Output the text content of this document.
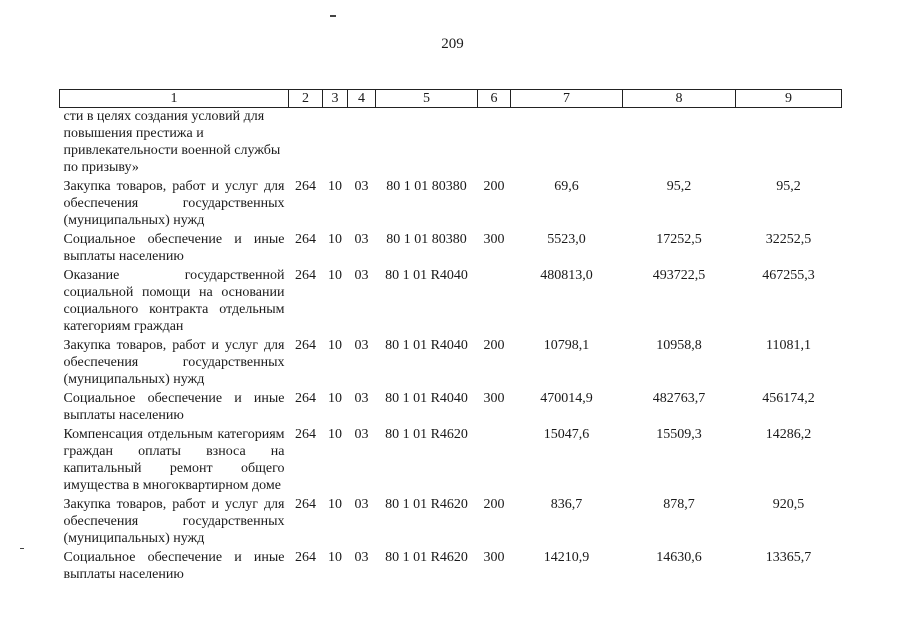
209
1	2	3	4	5	6	7	8	9
сти в целях создания условий для повышения престижа и привлекательности военной службы по призыву»								
Закупка товаров, работ и услуг для обеспечения государственных (муниципальных) нужд	264	10	03	80 1 01 80380	200	69,6	95,2	95,2
Социальное обеспечение и иные выплаты населению	264	10	03	80 1 01 80380	300	5523,0	17252,5	32252,5
Оказание государственной социальной помощи на основании социального контракта отдельным категориям граждан	264	10	03	80 1 01 R4040		480813,0	493722,5	467255,3
Закупка товаров, работ и услуг для обеспечения государственных (муниципальных) нужд	264	10	03	80 1 01 R4040	200	10798,1	10958,8	11081,1
Социальное обеспечение и иные выплаты населению	264	10	03	80 1 01 R4040	300	470014,9	482763,7	456174,2
Компенсация отдельным категориям граждан оплаты взноса на капитальный ремонт общего имущества в многоквартирном доме	264	10	03	80 1 01 R4620		15047,6	15509,3	14286,2
Закупка товаров, работ и услуг для обеспечения государственных (муниципальных) нужд	264	10	03	80 1 01 R4620	200	836,7	878,7	920,5
Социальное обеспечение и иные выплаты населению	264	10	03	80 1 01 R4620	300	14210,9	14630,6	13365,7
